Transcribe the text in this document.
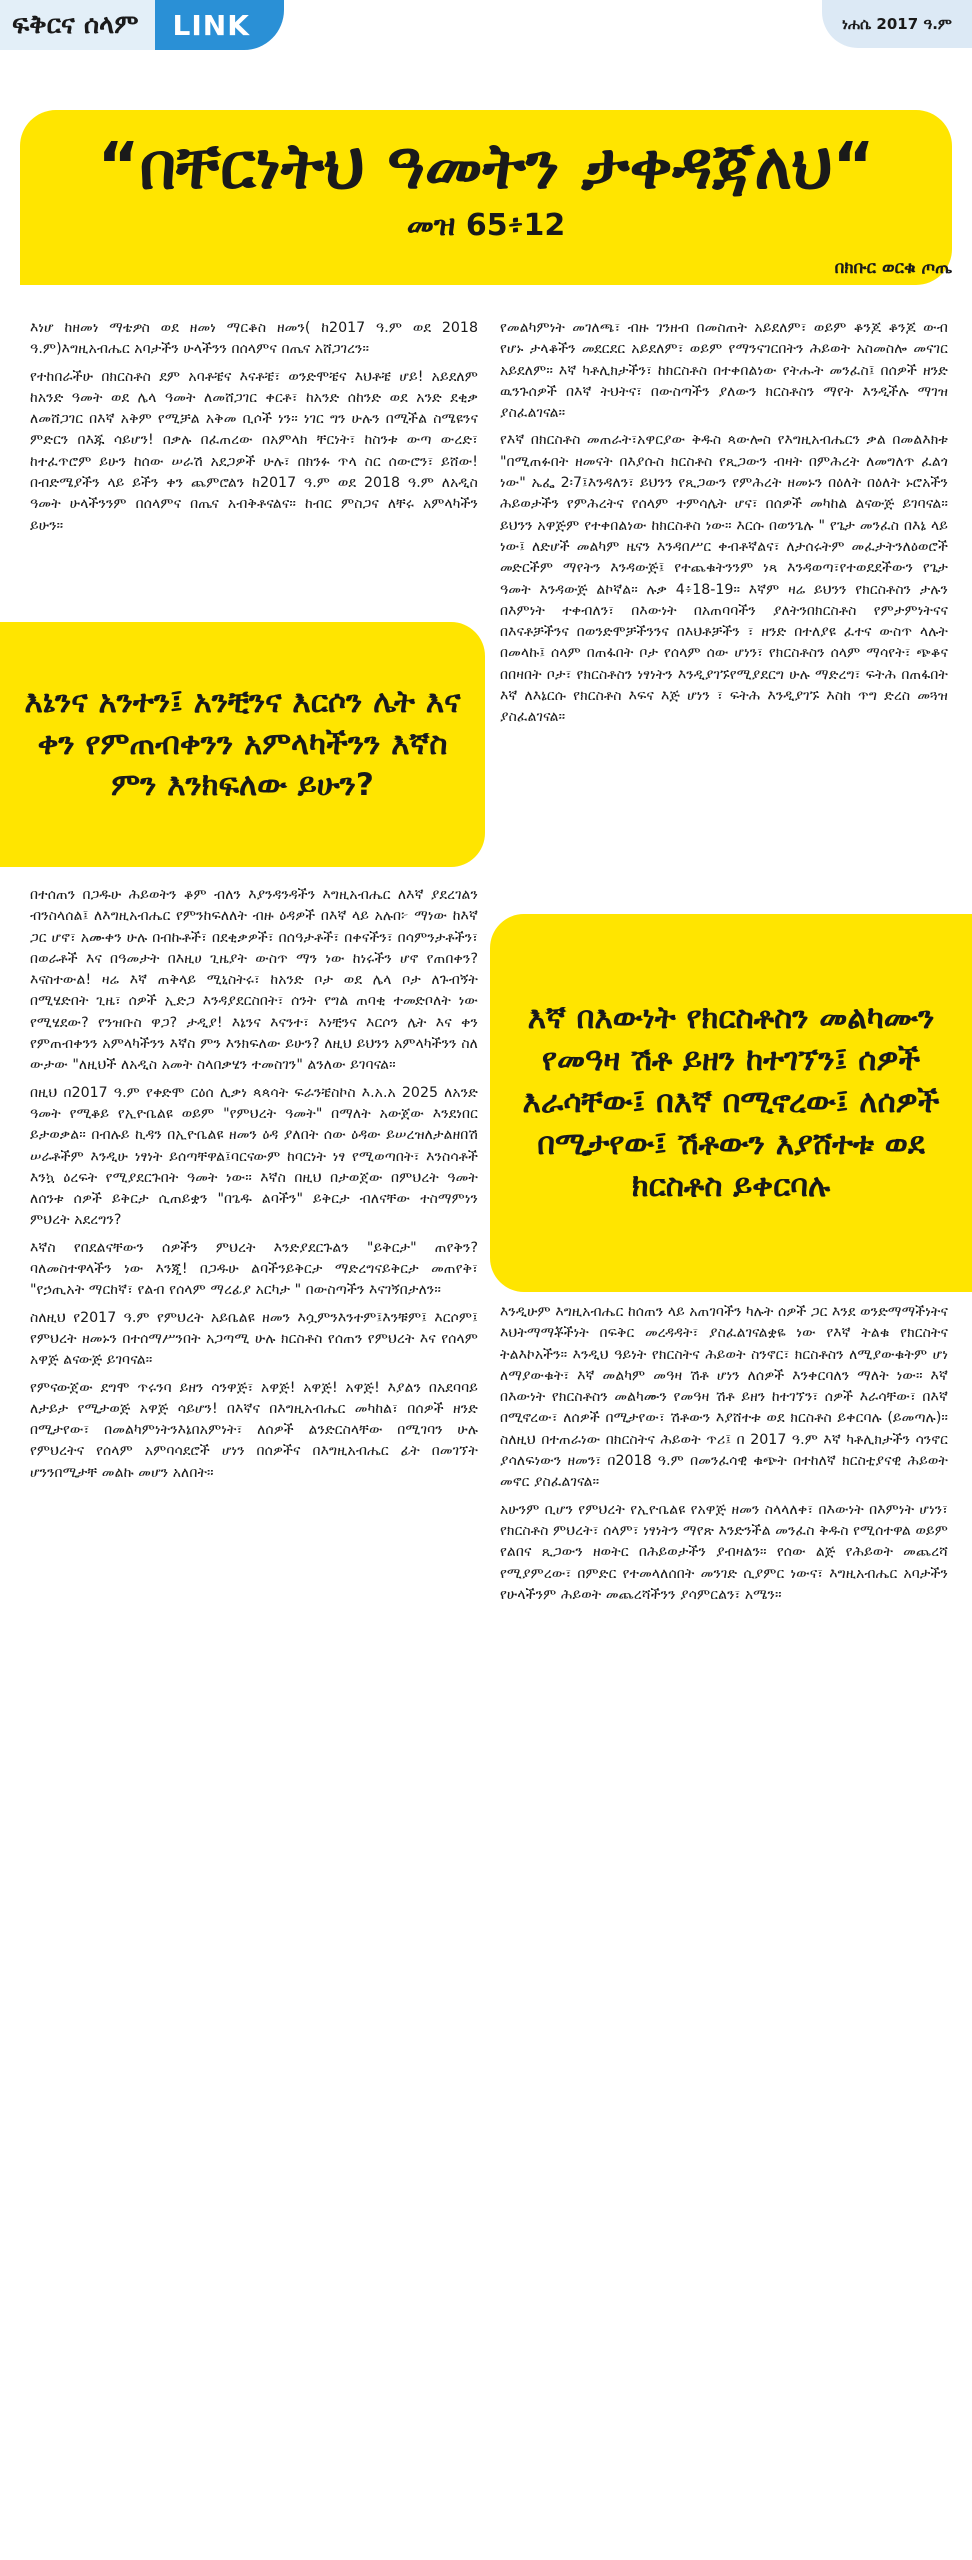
ፍቅርና ሰላም	LINK	ነሐሴ 2017 ዓ.ም
“በቸርነትህ ዓመትን ታቀዳጃለህ“
መዝ 65፥12
በክቡር ወርቁ ጦጤ

እነሆ ከዘመነ ማቴዎስ ወደ ዘመነ ማርቆስ ዘመን( ከ2017 ዓ.ም ወደ 2018 ዓ.ም)እግዚአብሔር አባታችን ሁላችንን በሰላምና በጤና አሸጋገረን።

የተከበራችሁ በክርስቶስ ደም አባቶቼና እናቶቼ፣ ወንድሞቼና እህቶቼ ሆይ! አይደለም ከአንድ ዓመት ወደ ሌላ ዓመት ለመሸጋገር ቀርቶ፣ ከአንድ ሰከንድ ወደ አንድ ደቂቃ ለመሸጋገር በእኛ አቅም የሚቻል አቅመ ቢሶች ነን። ነገር ግን ሁሉን በሚችል ስሜዩንና ምድርን በእጁ ሳይሆን! በቃሉ በፈጠረው በአምላክ ቸርነት፣ ከስንቱ ውጣ ውረድ፣ ከተፈጥሮም ይሁን ከሰው ሠራሽ አደጋዎች ሁሉ፣ በክንፉ ጥላ ስር ሰውሮን፣ ይሸው! በብድሜያችን ላይ ይችን ቀን ጨምሮልን ከ2017 ዓ.ም ወደ 2018 ዓ.ም ለአዲስ ዓመት ሁላችንንም በሰላምና በጤና አብቅቶናልና። ከብር ምስጋና ለቸሩ አምላካችን ይሁን።

እኔንና አንተን፤ አንቺንና እርሶን ሌት እና ቀን የምጠብቀንን አምላካችንን እኛስ ምን እንክፍለው ይሁን?

በተሰጠን በጋዱሁ ሕይወትን ቆም ብለን እያንዳንዳችን እግዚአብሔር ለእኛ ያደረገልን ብንስላሰል፤ ለእግዚአብሔር የምንከፍለለት ብዙ ዕዳዎች በእኛ ላይ አሉበ፦ ማነው ከእኛ ጋር ሆኖ፣ አሙቀን ሁሉ በብኩቶች፣ በደቂቃዎች፣ በሰዓታቶች፣ በቀናችን፣ በሳምንታቶችን፣ በወራቶች እና በዓመታት በእዚሀ ጊዜያት ውስጥ ማን ነው ከነሩችን ሆኖ የጠበቀን? እናስተውል! ዛሬ እኛ ጠቅላይ ሚኒስትሩ፣ ከአንድ ቦታ ወደ ሌላ ቦታ ለጉብኝት በሚሄድበት ጊዜ፣ ሰዎች ኢድጋ እንዳያደርስበት፣ ሰንት የግል ጠባቂ ተመድቦለት ነው የሚሄደው? የንዝቡስ ዋጋ? ታዲያ! እኔንና እናንተ፣ እነቺንና እርሶን ሌት እና ቀን የምጠብቀንን አምላካችንን እኛስ ምን እንክፍለው ይሁን? ለዚህ ይህንን አምላካችንን ስለ ውታው "ለዚህች ለአዲስ አመት ስላበቃሄን ተመስገን" ልንለው ይገባናል።

በዚህ በ2017 ዓ.ም የቀድሞ ርዕሰ ሊቃነ ጳጳሳት ፍራንቼስኮስ እ.አ.አ 2025 ለአንድ ዓመት የሚቆይ የኢዮቤልዩ ወይም "የምህረት ዓመት" በማለት አውጀው እንደነበር ይታወቃል። በብሉይ ኪዳን በኢዮቤልዩ ዘመን ዕዳ ያለበት ሰው ዕዳው ይሠረዝለታልዘበሽ ሠራቶችም እንዲሁ ነፃነት ይሰጣቸዋል፤ባርናውም ከባርነት ነፃ የሚወጣበት፣ እንስሳቶች እንኳ ዕረፍት የሚያደርጉበት ዓመት ነው። እኛስ በዚህ በታወጀው በምህረት ዓመት ለሰንቱ ሰዎች ይቅርታ ሲጠይቋን "በጌዱ ልባችን" ይቅርታ ብለናቸው ተስማምነን ምህረት አደረግን?

እኛስ የበደልናቸውን ሰዎችን ምህረት እንድያደርጉልን "ይቅርታ" ጠየቅን? ባለመስተዋላችን ነው እንጂ! በጋዱሁ ልባችንይቅርታ ማድረግናይቅርታ መጠየቅ፣ "የኃጢአት ማርከኛ፣ የልብ የሰላም ማረፊያ አርካታ " በውስጣችን እናገኝበታለን።

ስለዚህ የ2017 ዓ.ም የምህረት አይቤልዩ ዘመን እሷምንእንተም፤እንቹም፤ እርሶም፤ የምህረት ዘመኑን በተሰማሥንበት አጋጣሚ ሁሉ ክርስቶስ የሰጠን የምህረት እና የሰላም አዋጅ ልናውጅ ይገባናል።

የምናውጀው ደግሞ ጥሩንባ ይዘን ሳንዋጅ፣ አዋጅ! አዋጅ! አዋጅ! እያልን በአደባባይ ለታይታ የሚታወጅ አዋጅ ሳይሆን! በእኛና በእግዚአብሔር መካከል፣ በሰዎች ዘንድ በሚታየው፣ በመልካምነትንእኔበአምነት፣ ለሰዎች ልንድርስላቸው በሚገባን ሁሉ የምህረትና የሰላም አምባሳደሮች ሆነን በሰዎችና በእግዚአብሔር ፊት በመገኘት ሆንንበሚታቸ መልኩ መሆን አለበት።

የመልካምነት መገለጫ፣ ብዙ ገንዘብ በመስጠት አይደለም፣ ወይም ቆንጆ ቆንጆ ውብ የሆኑ ታላቆችን መደርደር አይደለም፣ ወይም የማንናገርበትን ሕይወት አስመስሎ መናገር አይደለም። እኛ ካቶሊክታችን፣ ከክርስቶስ በተቀበልነው የትሑት መንፈስ፤ በሰዎች ዘንድ ዉንጉሰዎች በእኛ ትህትና፣ በውስጣችን ያለውን ክርስቶስን ማየት እንዲችሉ ማገዝ ያስፈልገናል።

የእኛ በክርስቶስ መጠራት፣አዋርያው ቅዱስ ጳውሎስ የእግዚአብሔርን ቃል በመልእክቱ "በሚጠፉበት ዘመናት በእያሱስ ክርስቶስ የጺጋውን ብዛት በምሕረት ለመግለጥ ፈልጎ ነው" ኤፌ 2፡7፤እንዳለን፣ ይህንን የጺጋውን የምሕረት ዘመኑን በዕለት በዕለት ኑሮአችን ሕይወታችን የምሕረትና የሰላም ተምሳሌት ሆና፣ በሰዎች መካከል ልናውጅ ይገባናል። ይህንን አዋጅም የተቀበልነው ከክርስቶስ ነው። እርሱ በወንጌሉ " የጌታ መንፈስ በእኔ ላይ ነው፤ ለድሆች መልካም ዜናን እንዳበሥር ቀብቶኛልና፣ ለታሰሩትም መፈታትንለዕወሮች መድርችም ማየትን እንዳውጅ፤ የተጨቁትንንም ነጻ እንዳወጣ፣የተወደደችውን የጌታ ዓመት እንዳውጅ ልኮኛል። ሉቃ 4፥18-19። እኛም ዛሬ ይህንን የክርስቶስን ታሉን በእምነት ተቀብለን፣ በእውነት በአጠባባችን ያለትንበክርስቶስ የምታምነትናና በእናቶቻችንና በወንድሞቻችንንና በእህቶቻችን ፣ ዘንድ በተለያዩ ፈተና ውስጥ ላሉት በመላኩ፤ ሰላም በጠፋበት ቦታ የሰላም ሰው ሆነን፣ የክርስቶስን ሰላም ማሳየት፣ ጭቆና በበዛበት ቦታ፣ የክርስቶስን ነፃነትን እንዲያገኙየሚያደርግ ሁሉ ማድረግ፣ ፍትሕ በጠፋበት እኛ ለእኔርሱ የክርስቶስ እፍና እጅ ሆነን ፣ ፍትሕ እንዲያገኙ እስከ ጥግ ድረስ መጓዝ ያስፈልገናል።

እኛ በእውነት የክርስቶስን መልካሙን የመዓዛ ሽቶ ይዘን ከተገኘን፤ ሰዎች እራሳቸው፤ በእኛ በሚኖረው፤ ለሰዎች በሚታየው፤ ሽቶውን እያሸተቱ ወደ ክርስቶስ ይቀርባሉ

እንዲሁም እግዚአብሔር ከሰጠን ላይ አጠገባችን ካሉት ሰዎች ጋር እንደ ወንድማማችነትና እህትማማቾችነት በፍቅር መረዳዳት፣ ያስፈልገናልቋዬ ነው የእኛ ትልቁ የክርስትና ትልእኮአችን። እንዲህ ዓይነት የክርስትና ሕይወት ስንኖር፣ ክርስቶስን ለሚያውቁትም ሆነ ለማያውቁት፣ እኛ መልካም መዓዛ ሽቶ ሆነን ለሰዎች እንቀርባለን ማለት ነው። እኛ በእውነት የክርስቶስን መልካሙን የመዓዛ ሽቶ ይዘን ከተገኘን፣ ሰዎች እራሳቸው፣ በእኛ በሚኖረው፣ ለሰዎች በሚታየው፣ ሽቶውን እያሸተቱ ወደ ክርስቶስ ይቀርባሉ (ይመጣሉ)። ስለዚህ በተጠራነው በክርስትና ሕይወት ጥሪ፤ በ 2017 ዓ.ም እኛ ካቶሊክታችን ሳንኖር ያሳለፍነውን ዘመን፣ በ2018 ዓ.ም በመንፈሳዊ ቁጭት በተከለኛ ክርስቲያናዊ ሕይወት መኖር ያስፈልገናል።

አሁንም ቢሆን የምህረት የኢዮቤልዩ የአዋጅ ዘመን ስላላለቀ፣ በእውነት በእምነት ሆነን፣ የክርስቶስ ምህረት፣ ሰላም፣ ነፃነትን ማየጽ እንድንችል መንፈስ ቅዱስ የሚሰተዋል ወይም የልበና ጺጋውን ዘወትር በሕይወታችን ያብዛልን። የሰው ልጅ የሕይወት መጨረሻ የሚያምረው፣ በምድር የተመላለሰበት መንገድ ሲያምር ነውና፣ እግዚአብሔር አባታችን የሁላችንም ሕይወት መጨረሻችንን ያሳምርልን፣ አሜን።
